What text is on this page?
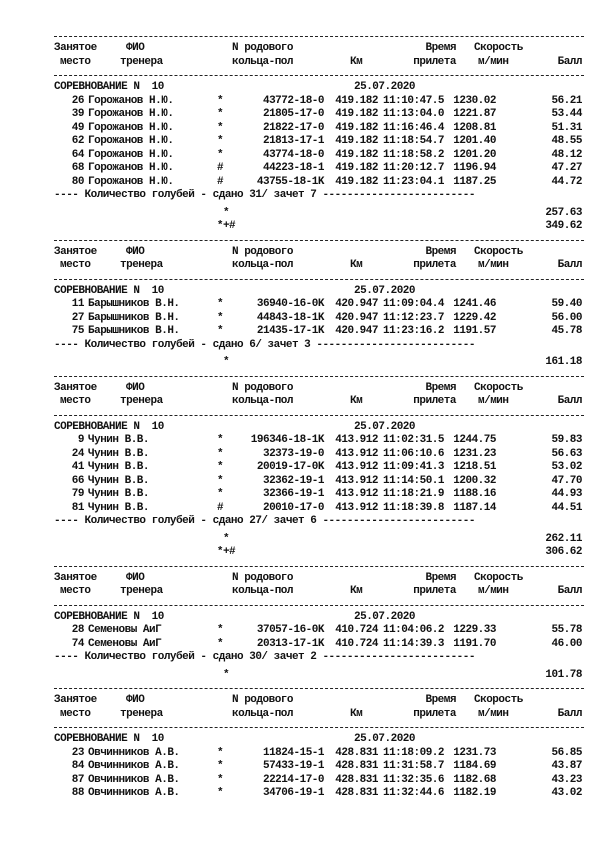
Занятое	ФИО	N родового	Время Скорость
место	тренера	кольца-пол	Км	прилета м/мин	Балл
СОРЕВНОВАНИЕ N  10	25.07.2020
26 Горожанов Н.Ю.	*	43772-18-0 419.182 11:10:47.5 1230.02	56.21
39 Горожанов Н.Ю.	*	21805-17-0 419.182 11:13:04.0 1221.87	53.44
49 Горожанов Н.Ю.	*	21822-17-0 419.182 11:16:46.4 1208.81	51.31
62 Горожанов Н.Ю.	*	21813-17-1 419.182 11:18:54.7 1201.40	48.55
64 Горожанов Н.Ю.	*	43774-18-0 419.182 11:18:58.2 1201.20	48.12
68 Горожанов Н.Ю.	#	44223-18-1 419.182 11:20:12.7 1196.94	47.27
80 Горожанов Н.Ю.	#	43755-18-1K 419.182 11:23:04.1 1187.25	44.72
---- Количество голубей - сдано 31/ зачет 7 -------------------------
*	257.63
*+#	349.62
Занятое	ФИО	N родового	Время Скорость
место	тренера	кольца-пол	Км	прилета м/мин	Балл
СОРЕВНОВАНИЕ N  10	25.07.2020
11 Барышников В.Н.	*	36940-16-0K 420.947 11:09:04.4 1241.46	59.40
27 Барышников В.Н.	*	44843-18-1K 420.947 11:12:23.7 1229.42	56.00
75 Барышников В.Н.	*	21435-17-1K 420.947 11:23:16.2 1191.57	45.78
---- Количество голубей - сдано 6/ зачет 3 --------------------------
*	161.18
Занятое	ФИО	N родового	Время Скорость
место	тренера	кольца-пол	Км	прилета м/мин	Балл
СОРЕВНОВАНИЕ N  10	25.07.2020
9 Чунин В.В.	*	196346-18-1K 413.912 11:02:31.5 1244.75	59.83
24 Чунин В.В.	*	32373-19-0 413.912 11:06:10.6 1231.23	56.63
41 Чунин В.В.	*	20019-17-0K 413.912 11:09:41.3 1218.51	53.02
66 Чунин В.В.	*	32362-19-1 413.912 11:14:50.1 1200.32	47.70
79 Чунин В.В.	*	32366-19-1 413.912 11:18:21.9 1188.16	44.93
81 Чунин В.В.	#	20010-17-0 413.912 11:18:39.8 1187.14	44.51
---- Количество голубей - сдано 27/ зачет 6 -------------------------
*	262.11
*+#	306.62
Занятое	ФИО	N родового	Время Скорость
место	тренера	кольца-пол	Км	прилета м/мин	Балл
СОРЕВНОВАНИЕ N  10	25.07.2020
28 Семеновы АиГ	*	37057-16-0K 410.724 11:04:06.2 1229.33	55.78
74 Семеновы АиГ	*	20313-17-1K 410.724 11:14:39.3 1191.70	46.00
---- Количество голубей - сдано 30/ зачет 2 -------------------------
*	101.78
Занятое	ФИО	N родового	Время Скорость
место	тренера	кольца-пол	Км	прилета м/мин	Балл
СОРЕВНОВАНИЕ N  10	25.07.2020
23 Овчинников А.В.	*	11824-15-1 428.831 11:18:09.2 1231.73	56.85
84 Овчинников А.В.	*	57433-19-1 428.831 11:31:58.7 1184.69	43.87
87 Овчинников А.В.	*	22214-17-0 428.831 11:32:35.6 1182.68	43.23
88 Овчинников А.В.	*	34706-19-1 428.831 11:32:44.6 1182.19	43.02
